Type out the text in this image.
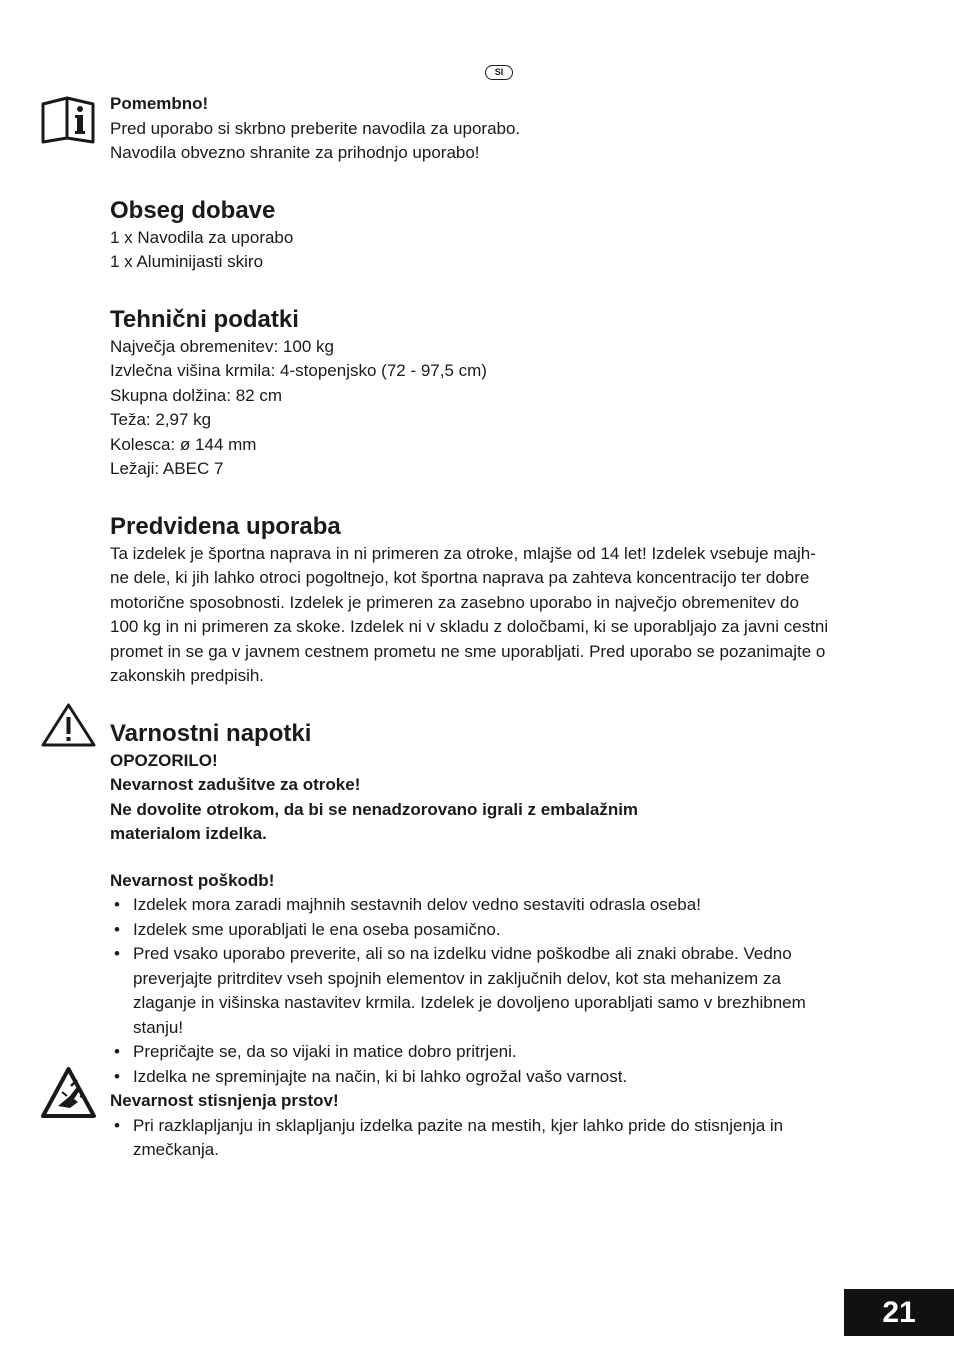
SI

Pomembno!

Pred uporabo si skrbno preberite navodila za uporabo.

Navodila obvezno shranite za prihodnjo uporabo!

Obseg dobave

1 x Navodila za uporabo

1 x Aluminijasti skiro

Tehnični podatki

Največja obremenitev: 100 kg

Izvlečna višina krmila: 4-stopenjsko (72 - 97,5 cm)

Skupna dolžina: 82 cm

Teža: 2,97 kg

Kolesca: ø 144 mm

Ležaji: ABEC 7

Predvidena uporaba

Ta izdelek je športna naprava in ni primeren za otroke, mlajše od 14 let! Izdelek vsebuje majh-

ne dele, ki jih lahko otroci pogoltnejo, kot športna naprava pa zahteva koncentracijo ter dobre

motorične sposobnosti. Izdelek je primeren za zasebno uporabo in največjo obremenitev do

100 kg in ni primeren za skoke. Izdelek ni v skladu z določbami, ki se uporabljajo za javni cestni

promet in se ga v javnem cestnem prometu ne sme uporabljati. Pred uporabo se pozanimajte o

zakonskih predpisih.

Varnostni napotki

OPOZORILO!

Nevarnost zadušitve za otroke!

Ne dovolite otrokom, da bi se nenadzorovano igrali z embalažnim

materialom izdelka.

Nevarnost poškodb!

• Izdelek mora zaradi majhnih sestavnih delov vedno sestaviti odrasla oseba!
• Izdelek sme uporabljati le ena oseba posamično.
• Pred vsako uporabo preverite, ali so na izdelku vidne poškodbe ali znaki obrabe. Vedno
preverjajte pritrditev vseh spojnih elementov in zaključnih delov, kot sta mehanizem za
zlaganje in višinska nastavitev krmila. Izdelek je dovoljeno uporabljati samo v brezhibnem
stanju!
• Prepričajte se, da so vijaki in matice dobro pritrjeni.
• Izdelka ne spreminjajte na način, ki bi lahko ogrožal vašo varnost.

Nevarnost stisnjenja prstov!

• Pri razklapljanju in sklapljanju izdelka pazite na mestih, kjer lahko pride do stisnjenja in
zmečkanja.
21
